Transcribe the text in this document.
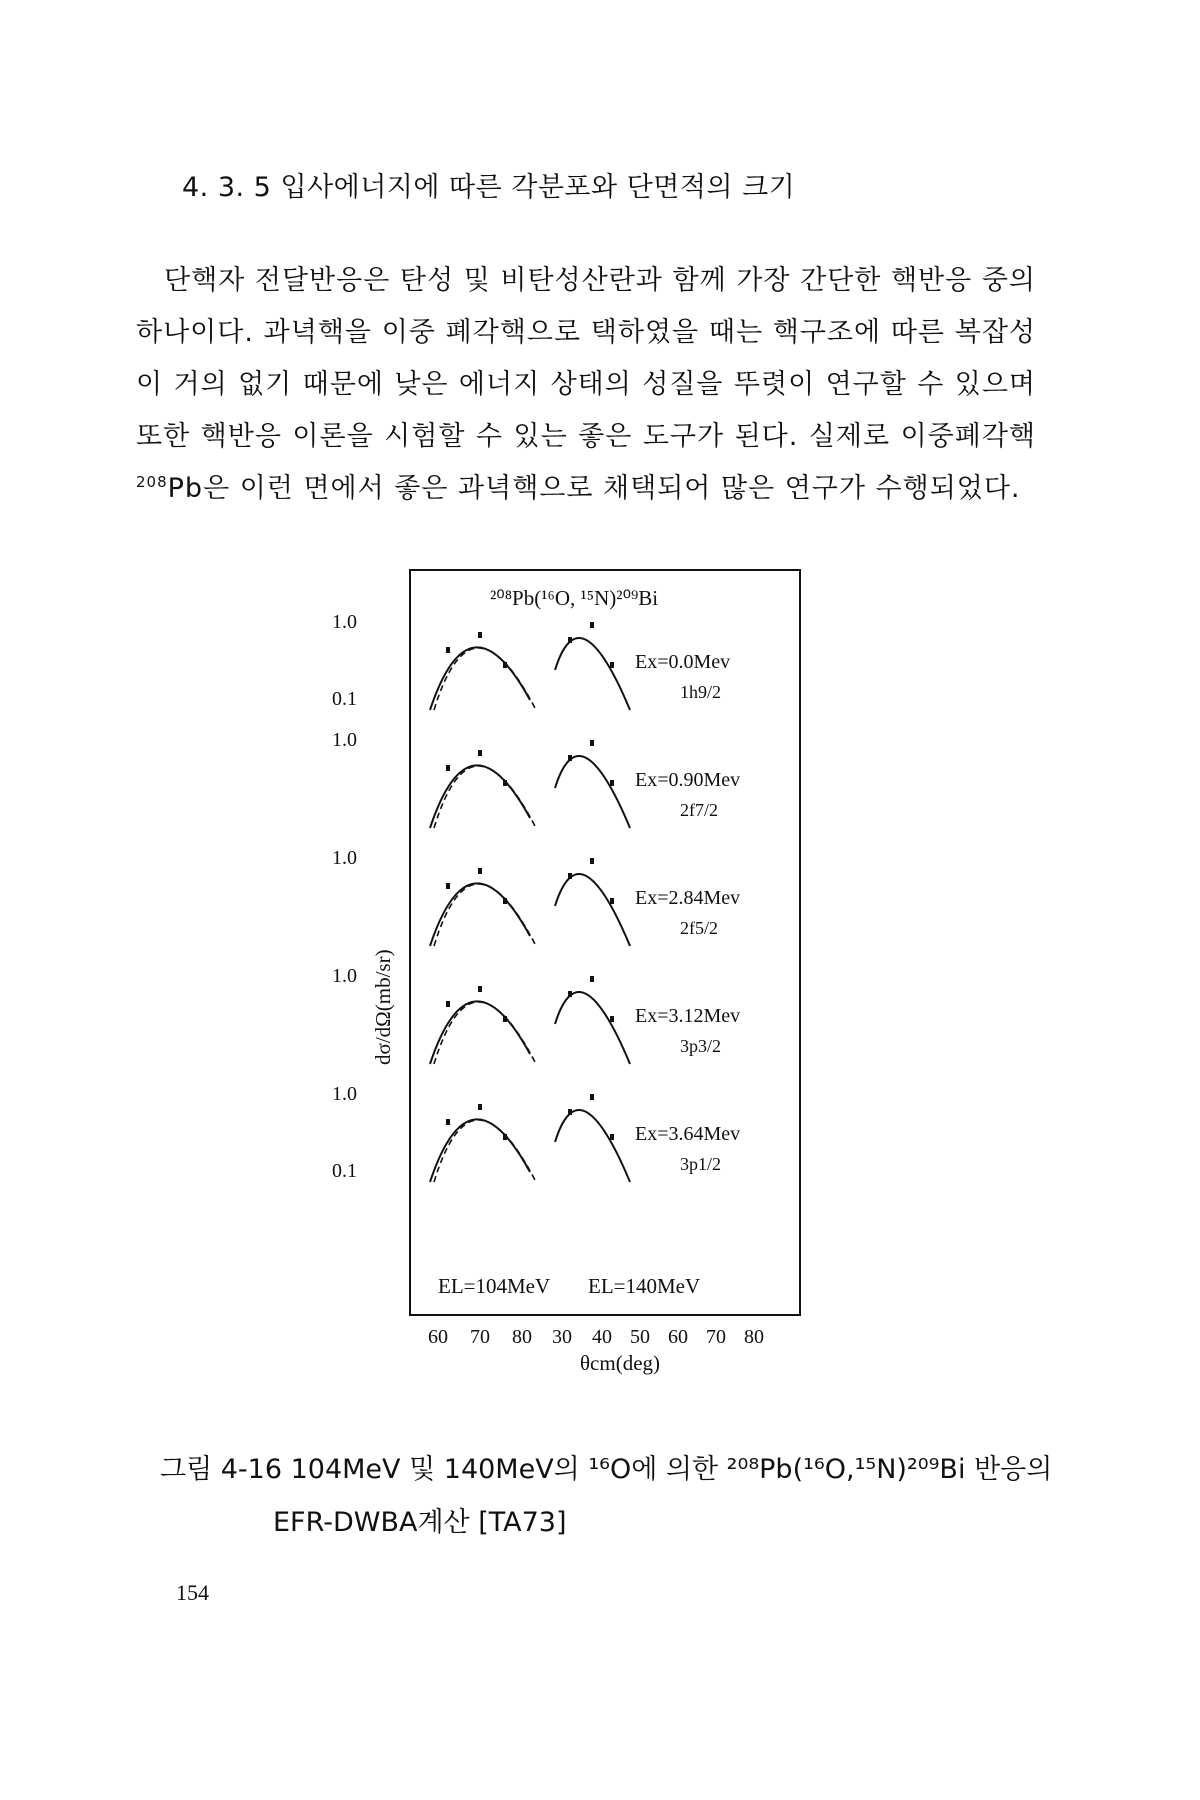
4. 3. 5 입사에너지에 따른 각분포와 단면적의 크기

단핵자 전달반응은 탄성 및 비탄성산란과 함께 가장 간단한 핵반응 중의 하나이다. 과녁핵을 이중 폐각핵으로 택하였을 때는 핵구조에 따른 복잡성이 거의 없기 때문에 낮은 에너지 상태의 성질을 뚜렷이 연구할 수 있으며 또한 핵반응 이론을 시험할 수 있는 좋은 도구가 된다. 실제로 이중폐각핵 $^{208}$Pb은 이런 면에서 좋은 과녁핵으로 채택되어 많은 연구가 수행되었다.

²⁰⁸Pb(¹⁶O, ¹⁵N)²⁰⁹Bi
dσ/dΩ(mb/sr)
θcm(deg)
60 70 80 30 40 50 60 70 80
1.0
0.1
Ex=0.0Mev
1h9/2
1.0
Ex=0.90Mev
2f7/2
1.0
Ex=2.84Mev
2f5/2
1.0
Ex=3.12Mev
3p3/2
1.0
0.1
Ex=3.64Mev
3p1/2
EL=104MeV EL=140MeV
그림 4-16 104MeV 및 140MeV의 ¹⁶O에 의한 ²⁰⁸Pb(¹⁶O,¹⁵N)²⁰⁹Bi 반응의
EFR-DWBA계산 [TA73]
154
